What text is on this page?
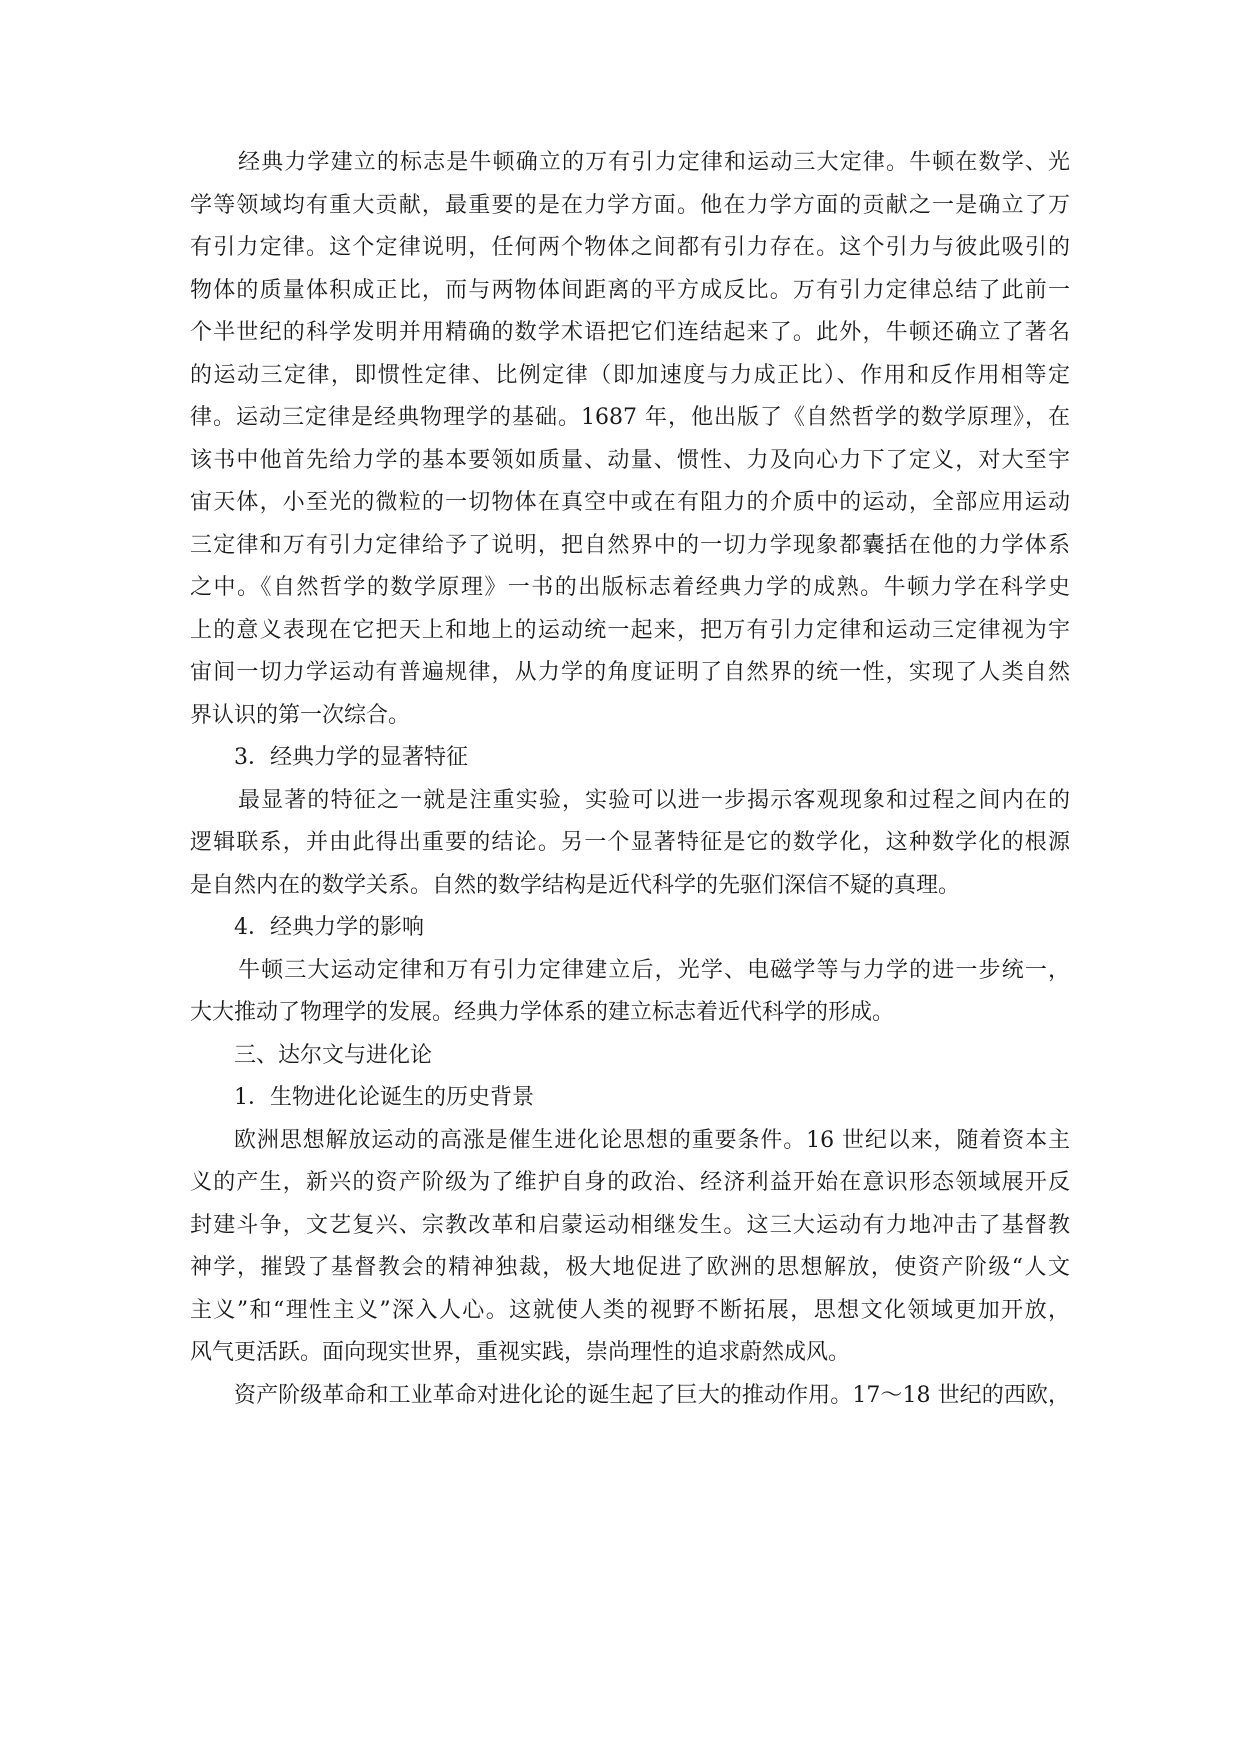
经典力学建立的标志是牛顿确立的万有引力定律和运动三大定律。牛顿在数学、光
学等领域均有重大贡献，最重要的是在力学方面。他在力学方面的贡献之一是确立了万
有引力定律。这个定律说明，任何两个物体之间都有引力存在。这个引力与彼此吸引的
物体的质量体积成正比，而与两物体间距离的平方成反比。万有引力定律总结了此前一
个半世纪的科学发明并用精确的数学术语把它们连结起来了。此外，牛顿还确立了著名
的运动三定律，即惯性定律、比例定律（即加速度与力成正比）、作用和反作用相等定
律。运动三定律是经典物理学的基础。1687 年，他出版了《自然哲学的数学原理》，在
该书中他首先给力学的基本要领如质量、动量、惯性、力及向心力下了定义，对大至宇
宙天体，小至光的微粒的一切物体在真空中或在有阻力的介质中的运动，全部应用运动
三定律和万有引力定律给予了说明，把自然界中的一切力学现象都囊括在他的力学体系
之中。《自然哲学的数学原理》一书的出版标志着经典力学的成熟。牛顿力学在科学史
上的意义表现在它把天上和地上的运动统一起来，把万有引力定律和运动三定律视为宇
宙间一切力学运动有普遍规律，从力学的角度证明了自然界的统一性，实现了人类自然
界认识的第一次综合。
3．经典力学的显著特征
最显著的特征之一就是注重实验，实验可以进一步揭示客观现象和过程之间内在的
逻辑联系，并由此得出重要的结论。另一个显著特征是它的数学化，这种数学化的根源
是自然内在的数学关系。自然的数学结构是近代科学的先驱们深信不疑的真理。
4．经典力学的影响
牛顿三大运动定律和万有引力定律建立后，光学、电磁学等与力学的进一步统一，
大大推动了物理学的发展。经典力学体系的建立标志着近代科学的形成。
三、达尔文与进化论
1．生物进化论诞生的历史背景
欧洲思想解放运动的高涨是催生进化论思想的重要条件。16 世纪以来，随着资本主
义的产生，新兴的资产阶级为了维护自身的政治、经济利益开始在意识形态领域展开反
封建斗争，文艺复兴、宗教改革和启蒙运动相继发生。这三大运动有力地冲击了基督教
神学，摧毁了基督教会的精神独裁，极大地促进了欧洲的思想解放，使资产阶级“人文
主义”和“理性主义”深入人心。这就使人类的视野不断拓展，思想文化领域更加开放，
风气更活跃。面向现实世界，重视实践，崇尚理性的追求蔚然成风。
资产阶级革命和工业革命对进化论的诞生起了巨大的推动作用。17～18 世纪的西欧，
